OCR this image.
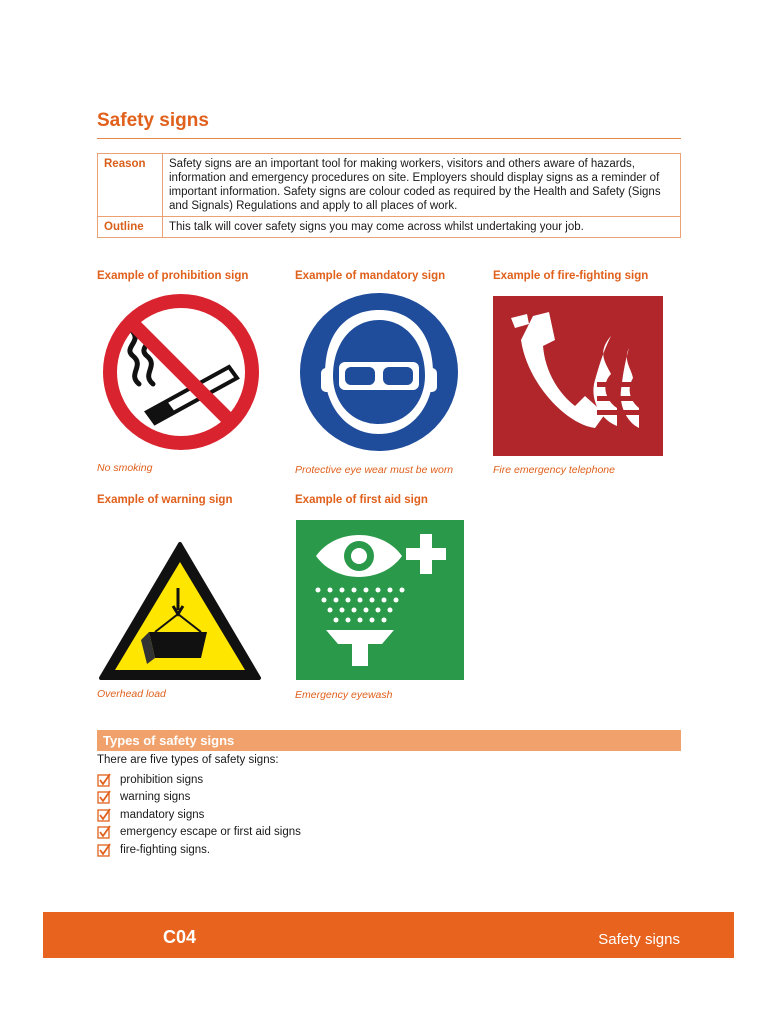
Safety signs
Reason	Safety signs are an important tool for making workers, visitors and others aware of hazards, information and emergency procedures on site. Employers should display signs as a reminder of important information. Safety signs are colour coded as required by the Health and Safety (Signs and Signals) Regulations and apply to all places of work.
Outline	This talk will cover safety signs you may come across whilst undertaking your job.
Example of prohibition sign	Example of mandatory sign	Example of fire-fighting sign
No smoking	Protective eye wear must be worn	Fire emergency telephone
Example of warning sign	Example of first aid sign
Overhead load	Emergency eyewash
Types of safety signs
There are five types of safety signs:
prohibition signs
warning signs
mandatory signs
emergency escape or first aid signs
fire-fighting signs.
C04	Safety signs
